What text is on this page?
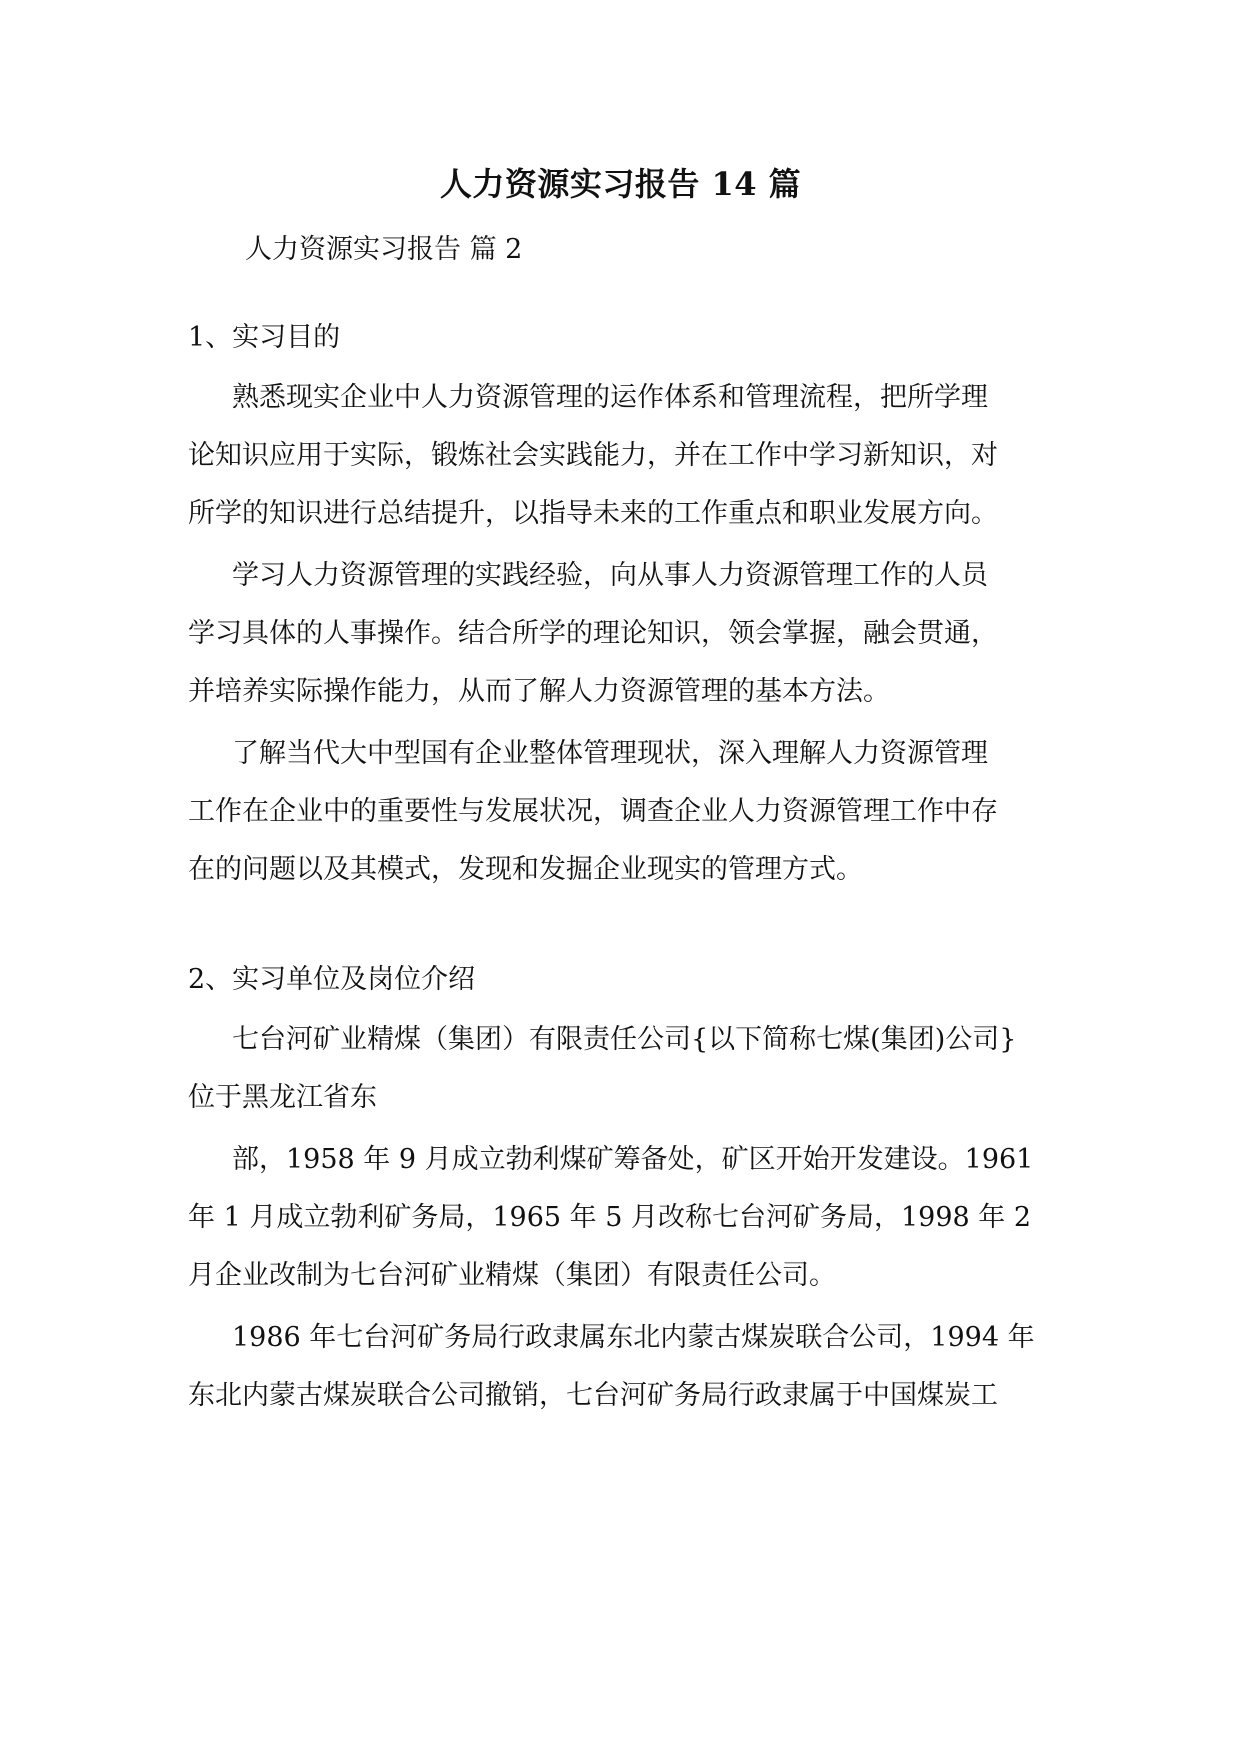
人力资源实习报告 14 篇
人力资源实习报告 篇 2
1、实习目的
熟悉现实企业中人力资源管理的运作体系和管理流程，把所学理
论知识应用于实际，锻炼社会实践能力，并在工作中学习新知识，对
所学的知识进行总结提升，以指导未来的工作重点和职业发展方向。
学习人力资源管理的实践经验，向从事人力资源管理工作的人员
学习具体的人事操作。结合所学的理论知识，领会掌握，融会贯通，
并培养实际操作能力，从而了解人力资源管理的基本方法。
了解当代大中型国有企业整体管理现状，深入理解人力资源管理
工作在企业中的重要性与发展状况，调查企业人力资源管理工作中存
在的问题以及其模式，发现和发掘企业现实的管理方式。
2、实习单位及岗位介绍
七台河矿业精煤（集团）有限责任公司{以下简称七煤(集团)公司}
位于黑龙江省东
部，1958 年 9 月成立勃利煤矿筹备处，矿区开始开发建设。1961
年 1 月成立勃利矿务局，1965 年 5 月改称七台河矿务局，1998 年 2
月企业改制为七台河矿业精煤（集团）有限责任公司。
1986 年七台河矿务局行政隶属东北内蒙古煤炭联合公司，1994 年
东北内蒙古煤炭联合公司撤销，七台河矿务局行政隶属于中国煤炭工
